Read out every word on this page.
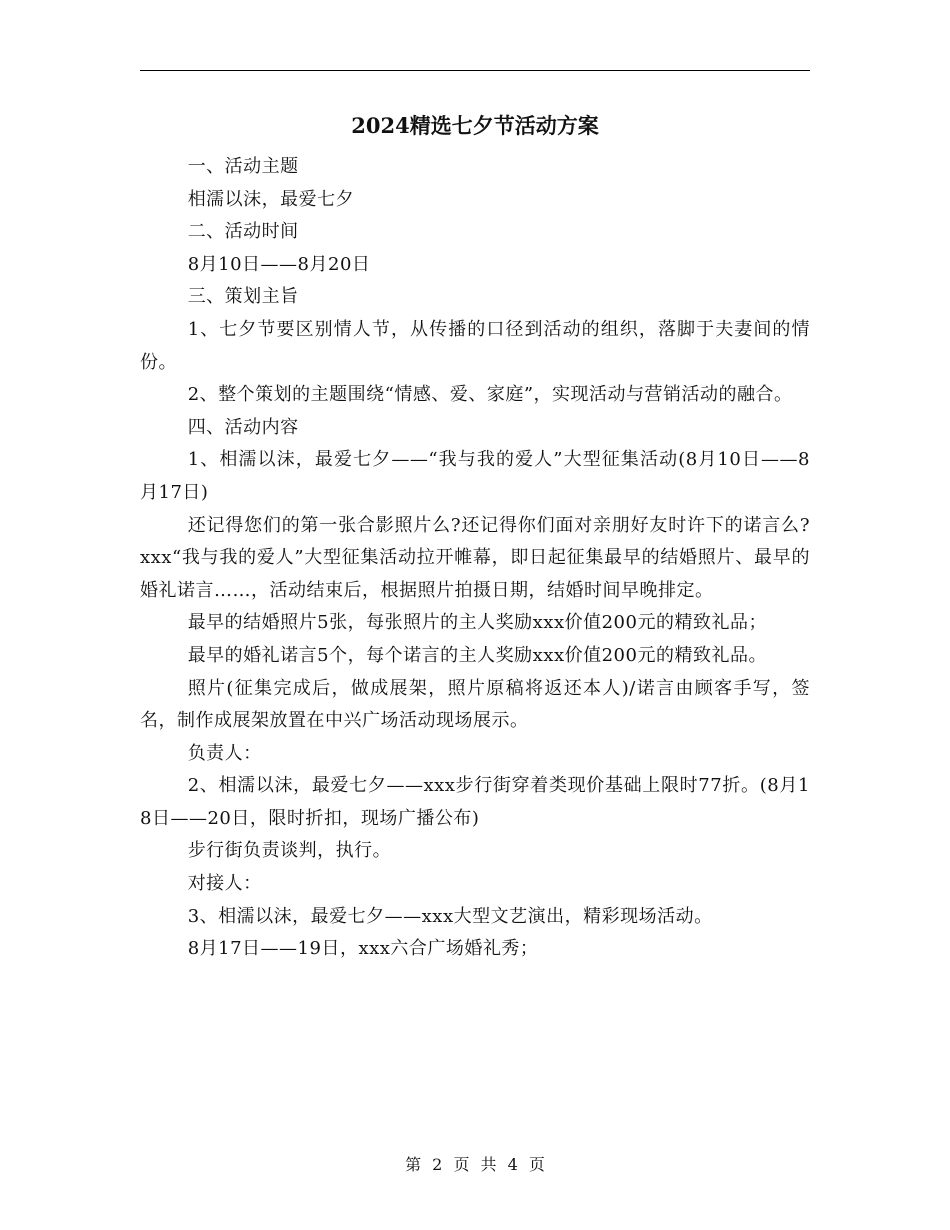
2024精选七夕节活动方案

一、活动主题

相濡以沫，最爱七夕

二、活动时间

8月10日——8月20日

三、策划主旨

1、七夕节要区别情人节，从传播的口径到活动的组织，落脚于夫妻间的情份。

2、整个策划的主题围绕“情感、爱、家庭”，实现活动与营销活动的融合。

四、活动内容

1、相濡以沫，最爱七夕——“我与我的爱人”大型征集活动(8月10日——8月17日)

还记得您们的第一张合影照片么?还记得你们面对亲朋好友时许下的诺言么?xxx“我与我的爱人”大型征集活动拉开帷幕，即日起征集最早的结婚照片、最早的婚礼诺言……，活动结束后，根据照片拍摄日期，结婚时间早晚排定。

最早的结婚照片5张，每张照片的主人奖励xxx价值200元的精致礼品；

最早的婚礼诺言5个，每个诺言的主人奖励xxx价值200元的精致礼品。

照片(征集完成后，做成展架，照片原稿将返还本人)/诺言由顾客手写，签名，制作成展架放置在中兴广场活动现场展示。

负责人：

2、相濡以沫，最爱七夕——xxx步行街穿着类现价基础上限时77折。(8月18日——20日，限时折扣，现场广播公布)

步行街负责谈判，执行。

对接人：

3、相濡以沫，最爱七夕——xxx大型文艺演出，精彩现场活动。

8月17日——19日，xxx六合广场婚礼秀；

第 2 页 共 4 页
